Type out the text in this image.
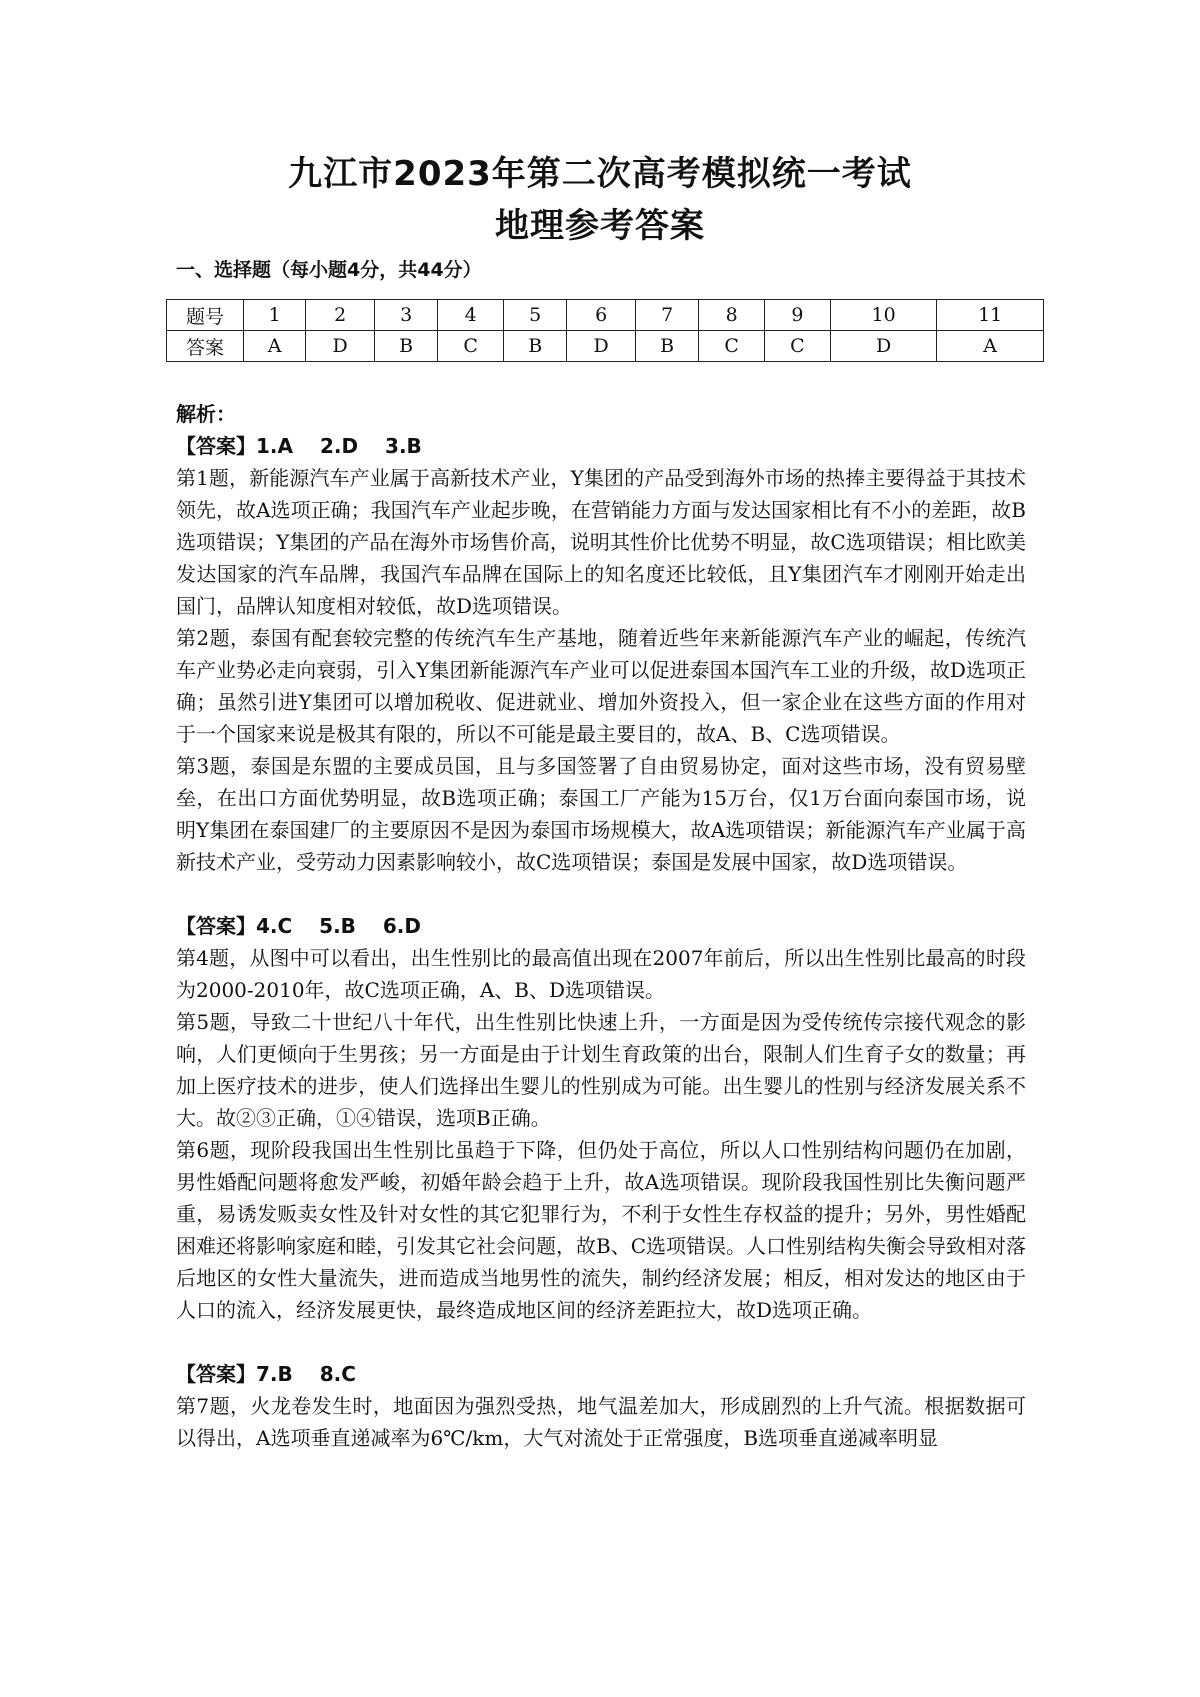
九江市2023年第二次高考模拟统一考试
地理参考答案
一、选择题（每小题4分，共44分）
题号	1	2	3	4	5	6	7	8	9	10	11
答案	A	D	B	C	B	D	B	C	C	D	A

解析：

【答案】1.A　 2.D　 3.B

第1题，新能源汽车产业属于高新技术产业，Y集团的产品受到海外市场的热捧主要得益于其技术领先，故A选项正确；我国汽车产业起步晚，在营销能力方面与发达国家相比有不小的差距，故B选项错误；Y集团的产品在海外市场售价高，说明其性价比优势不明显，故C选项错误；相比欧美发达国家的汽车品牌，我国汽车品牌在国际上的知名度还比较低，且Y集团汽车才刚刚开始走出国门，品牌认知度相对较低，故D选项错误。

第2题，泰国有配套较完整的传统汽车生产基地，随着近些年来新能源汽车产业的崛起，传统汽车产业势必走向衰弱，引入Y集团新能源汽车产业可以促进泰国本国汽车工业的升级，故D选项正确；虽然引进Y集团可以增加税收、促进就业、增加外资投入，但一家企业在这些方面的作用对于一个国家来说是极其有限的，所以不可能是最主要目的，故A、B、C选项错误。

第3题，泰国是东盟的主要成员国，且与多国签署了自由贸易协定，面对这些市场，没有贸易壁垒，在出口方面优势明显，故B选项正确；泰国工厂产能为15万台，仅1万台面向泰国市场，说明Y集团在泰国建厂的主要原因不是因为泰国市场规模大，故A选项错误；新能源汽车产业属于高新技术产业，受劳动力因素影响较小，故C选项错误；泰国是发展中国家，故D选项错误。

【答案】4.C　 5.B　 6.D

第4题，从图中可以看出，出生性别比的最高值出现在2007年前后，所以出生性别比最高的时段为2000-2010年，故C选项正确，A、B、D选项错误。

第5题，导致二十世纪八十年代，出生性别比快速上升，一方面是因为受传统传宗接代观念的影响，人们更倾向于生男孩；另一方面是由于计划生育政策的出台，限制人们生育子女的数量；再加上医疗技术的进步，使人们选择出生婴儿的性别成为可能。出生婴儿的性别与经济发展关系不大。故②③正确，①④错误，选项B正确。

第6题，现阶段我国出生性别比虽趋于下降，但仍处于高位，所以人口性别结构问题仍在加剧，男性婚配问题将愈发严峻，初婚年龄会趋于上升，故A选项错误。现阶段我国性别比失衡问题严重，易诱发贩卖女性及针对女性的其它犯罪行为，不利于女性生存权益的提升；另外，男性婚配困难还将影响家庭和睦，引发其它社会问题，故B、C选项错误。人口性别结构失衡会导致相对落后地区的女性大量流失，进而造成当地男性的流失，制约经济发展；相反，相对发达的地区由于人口的流入，经济发展更快，最终造成地区间的经济差距拉大，故D选项正确。

【答案】7.B　 8.C

第7题，火龙卷发生时，地面因为强烈受热，地气温差加大，形成剧烈的上升气流。根据数据可以得出，A选项垂直递减率为6℃/km，大气对流处于正常强度，B选项垂直递减率明显
